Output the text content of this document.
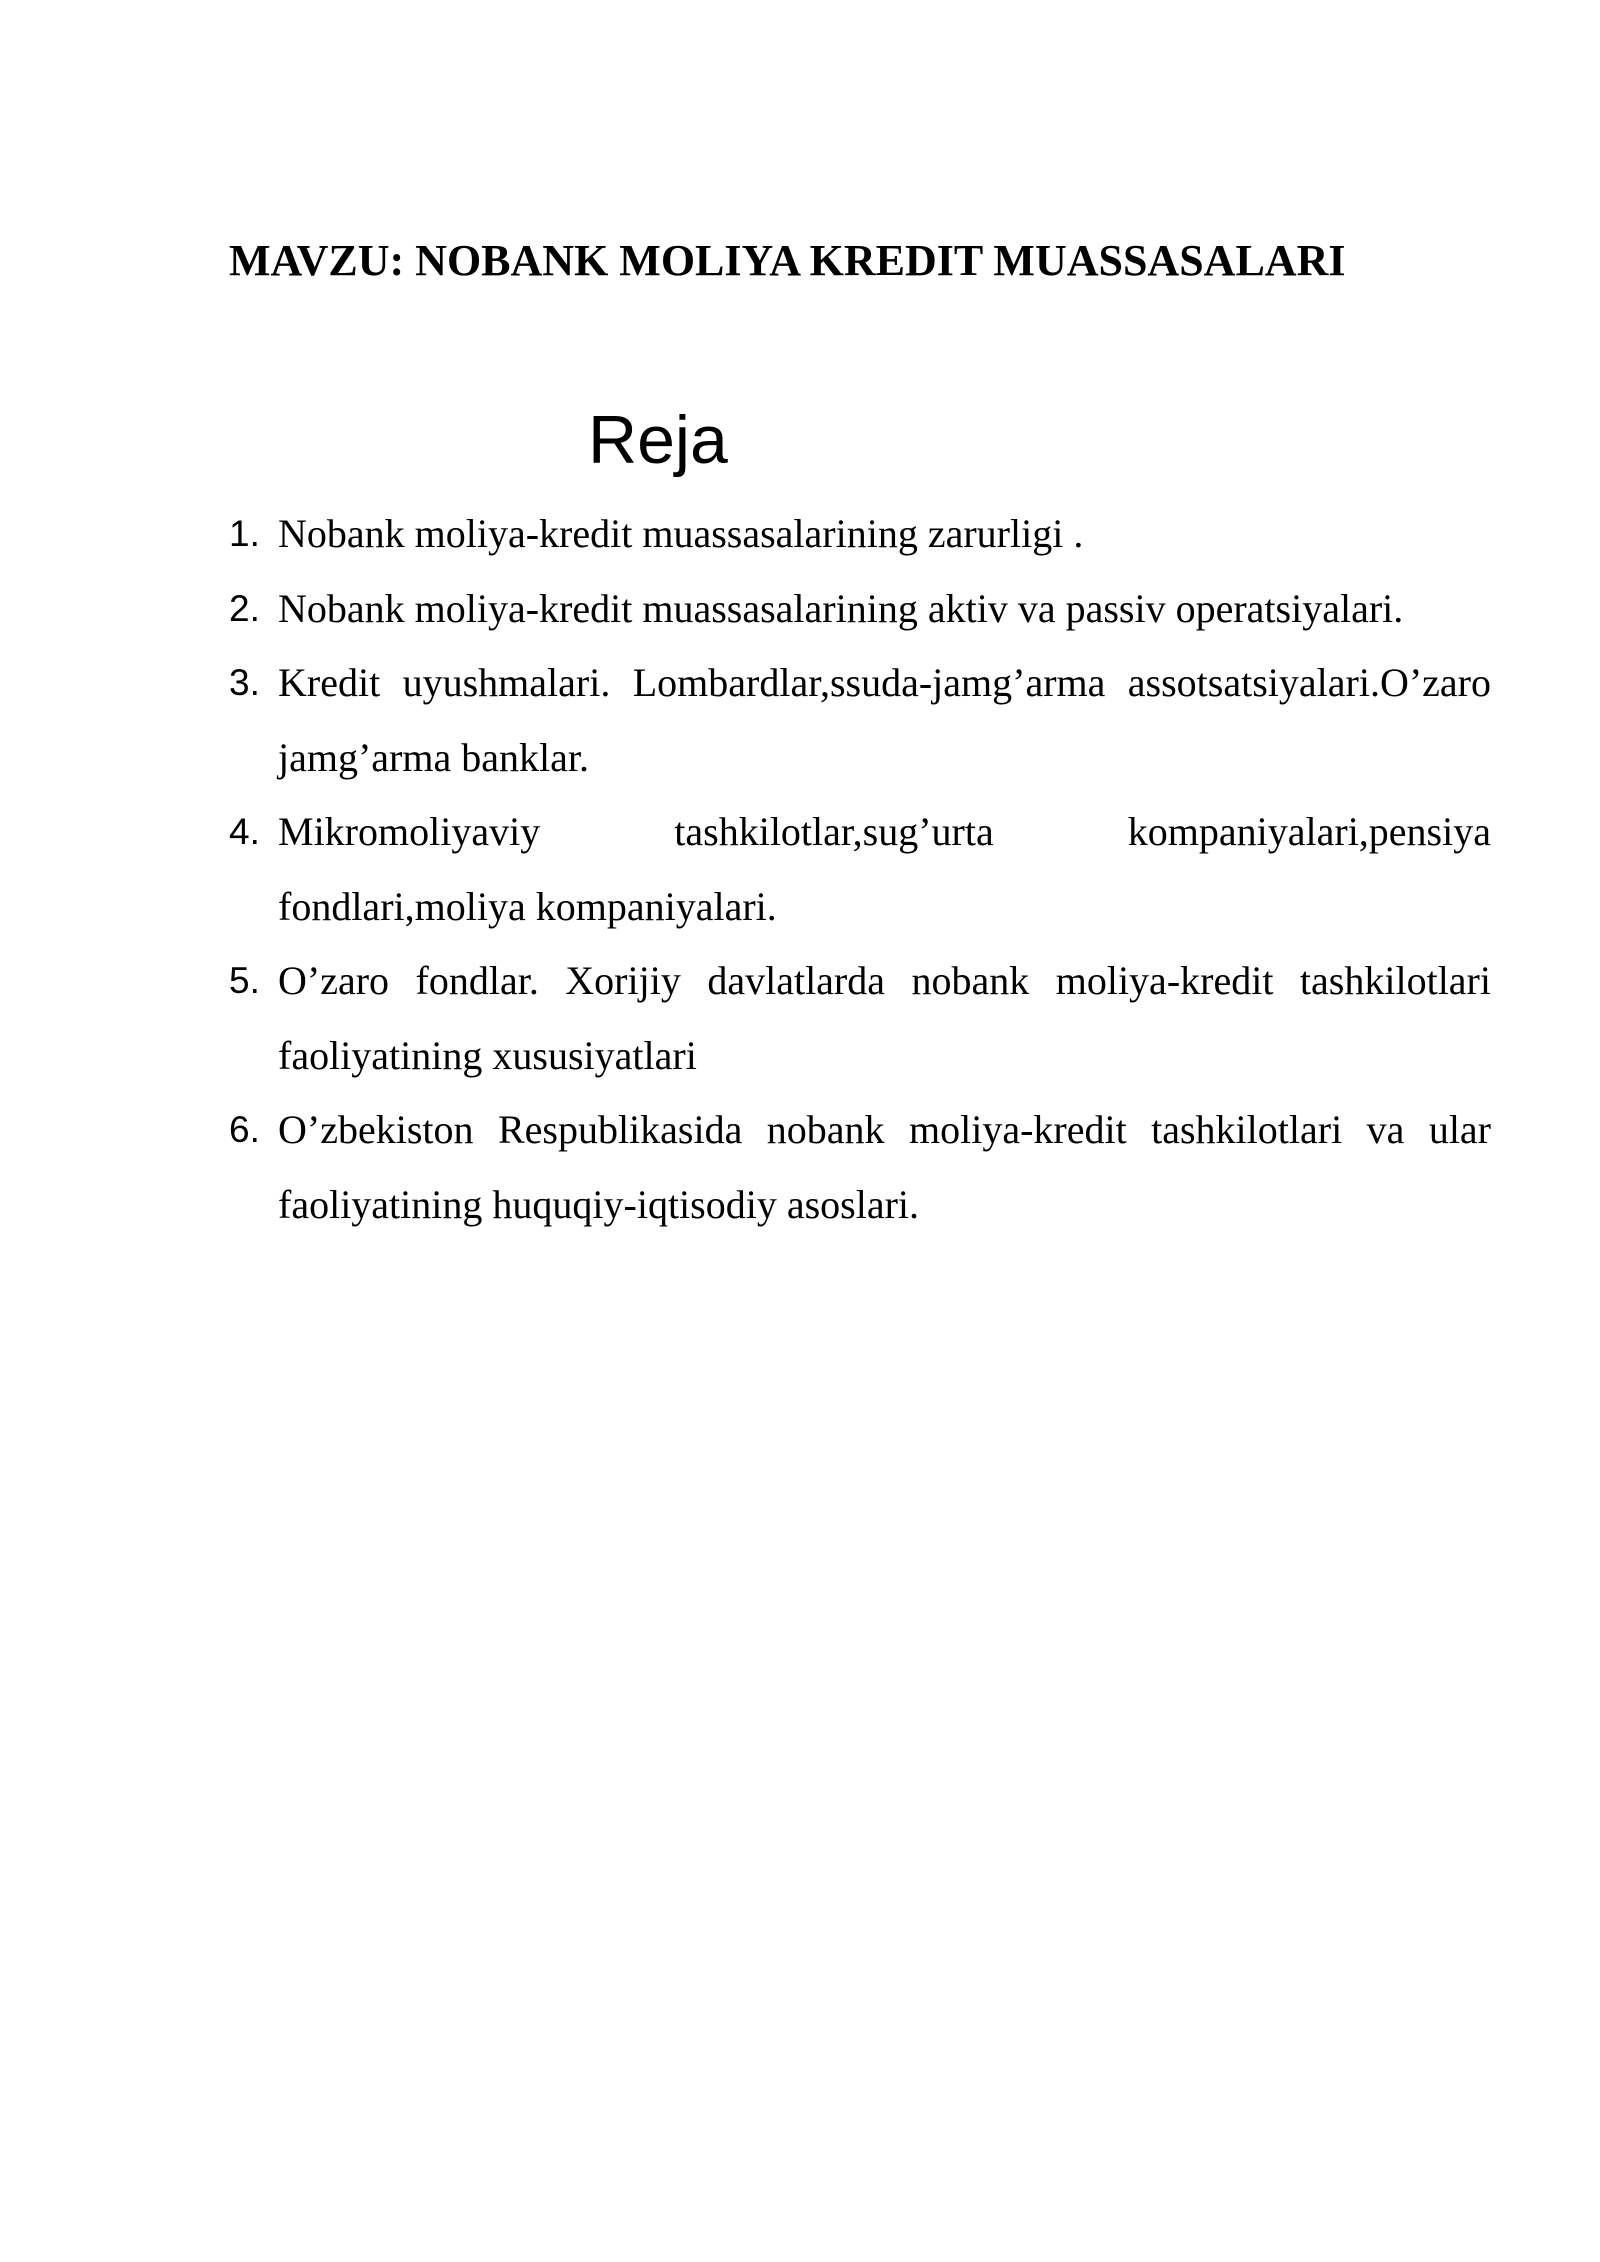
MAVZU: NOBANK MOLIYA KREDIT MUASSASALARI
Reja
1. Nobank moliya-kredit muassasalarining zarurligi .
2. Nobank moliya-kredit muassasalarining aktiv va passiv operatsiyalari.
3. Kredit uyushmalari. Lombardlar,ssuda-jamg’arma assotsatsiyalari.O’zaro jamg’arma banklar.
4. Mikromoliyaviy tashkilotlar,sug’urta kompaniyalari,pensiya fondlari,moliya kompaniyalari.
5. O’zaro fondlar. Xorijiy davlatlarda nobank moliya-kredit tashkilotlari faoliyatining xususiyatlari
6. O’zbekiston Respublikasida nobank moliya-kredit tashkilotlari va ular faoliyatining huquqiy-iqtisodiy asoslari.
